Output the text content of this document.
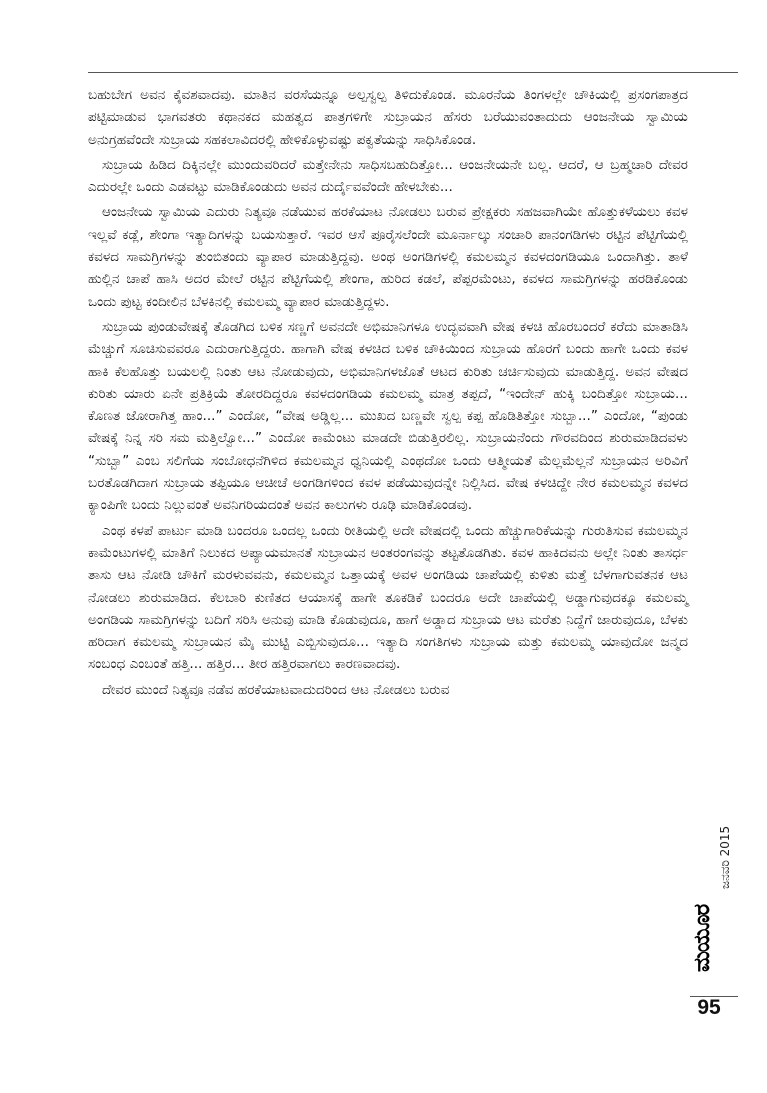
ಬಹುಬೇಗ ಅವನ ಕೈವಶವಾದವು. ಮಾತಿನ ವರಸೆಯನ್ನೂ ಅಲ್ಪಸ್ವಲ್ಪ ತಿಳಿದುಕೊಂಡ. ಮೂರನೆಯ ತಿಂಗಳಲ್ಲೇ ಚೌಕಿಯಲ್ಲಿ ಪ್ರಸಂಗಪಾತ್ರದ ಪಟ್ಟಿಮಾಡುವ ಭಾಗವತರು ಕಥಾನಕದ ಮಹತ್ವದ ಪಾತ್ರಗಳಿಗೇ ಸುಬ್ರಾಯನ ಹೆಸರು ಬರೆಯುವಂತಾದುದು ಆಂಜನೇಯ ಸ್ವಾಮಿಯ ಅನುಗ್ರಹವೆಂದೇ ಸುಬ್ರಾಯ ಸಹಕಲಾವಿದರಲ್ಲಿ ಹೇಳಿಕೊಳ್ಳುವಷ್ಟು ಪಕ್ವತೆಯನ್ನು ಸಾಧಿಸಿಕೊಂಡ.

ಸುಬ್ರಾಯ ಹಿಡಿದ ದಿಕ್ಕಿನಲ್ಲೇ ಮುಂದುವರಿದರೆ ಮತ್ತೇನೇನು ಸಾಧಿಸಬಹುದಿತ್ತೋ... ಆಂಜನೇಯನೇ ಬಲ್ಲ. ಆದರೆ, ಆ ಬ್ರಹ್ಮಚಾರಿ ದೇವರ ಎದುರಲ್ಲೇ ಒಂದು ಎಡವಟ್ಟು ಮಾಡಿಕೊಂಡುದು ಅವನ ದುರ್ದೈವವೆಂದೇ ಹೇಳಬೇಕು...

ಆಂಜನೇಯ ಸ್ವಾಮಿಯ ಎದುರು ನಿತ್ಯವೂ ನಡೆಯುವ ಹರಕೆಯಾಟ ನೋಡಲು ಬರುವ ಪ್ರೇಕ್ಷಕರು ಸಹಜವಾಗಿಯೇ ಹೊತ್ತುಕಳೆಯಲು ಕವಳ ಇಲ್ಲವೆ ಕಡ್ಲೆ, ಶೇಂಗಾ ಇತ್ಯಾದಿಗಳನ್ನು ಬಯಸುತ್ತಾರೆ. ಇವರ ಆಸೆ ಪೂರೈಸಲೆಂದೇ ಮೂರ್ನಾಲ್ಕು ಸಂಚಾರಿ ಪಾನಂಗಡಿಗಳು ರಟ್ಟಿನ ಪೆಟ್ಟಿಗೆಯಲ್ಲಿ ಕವಳದ ಸಾಮಗ್ರಿಗಳನ್ನು ತುಂಬಿತಂದು ವ್ಯಾಪಾರ ಮಾಡುತ್ತಿದ್ದವು. ಅಂಥ ಅಂಗಡಿಗಳಲ್ಲಿ ಕಮಲಮ್ಮನ ಕವಳದಂಗಡಿಯೂ ಒಂದಾಗಿತ್ತು. ತಾಳೆ ಹುಲ್ಲಿನ ಚಾಪೆ ಹಾಸಿ ಅದರ ಮೇಲೆ ರಟ್ಟಿನ ಪೆಟ್ಟಿಗೆಯಲ್ಲಿ ಶೇಂಗಾ, ಹುರಿದ ಕಡಲೆ, ಪೆಪ್ಪರಮೆಂಟು, ಕವಳದ ಸಾಮಗ್ರಿಗಳನ್ನು ಹರಡಿಕೊಂಡು ಒಂದು ಪುಟ್ಟ ಕಂದೀಲಿನ ಬೆಳಕಿನಲ್ಲಿ ಕಮಲಮ್ಮ ವ್ಯಾಪಾರ ಮಾಡುತ್ತಿದ್ದಳು.

ಸುಬ್ರಾಯ ಪುಂಡುವೇಷಕ್ಕೆ ತೊಡಗಿದ ಬಳಿಕ ಸಣ್ಣಗೆ ಅವನದೇ ಅಭಿಮಾನಿಗಳೂ ಉದ್ಭವವಾಗಿ ವೇಷ ಕಳಚಿ ಹೊರಬಂದರೆ ಕರೆದು ಮಾತಾಡಿಸಿ ಮೆಚ್ಚುಗೆ ಸೂಚಿಸುವವರೂ ಎದುರಾಗುತ್ತಿದ್ದರು. ಹಾಗಾಗಿ ವೇಷ ಕಳಚಿದ ಬಳಿಕ ಚೌಕಿಯಿಂದ ಸುಬ್ರಾಯ ಹೊರಗೆ ಬಂದು ಹಾಗೇ ಒಂದು ಕವಳ ಹಾಕಿ ಕೆಲಹೊತ್ತು ಬಯಲಲ್ಲಿ ನಿಂತು ಆಟ ನೋಡುವುದು, ಅಭಿಮಾನಿಗಳಜೊತೆ ಆಟದ ಕುರಿತು ಚರ್ಚಿಸುವುದು ಮಾಡುತ್ತಿದ್ದ. ಅವನ ವೇಷದ ಕುರಿತು ಯಾರು ಏನೇ ಪ್ರತಿಕ್ರಿಯೆ ತೋರದಿದ್ದರೂ ಕವಳದಂಗಡಿಯ ಕಮಲಮ್ಮ ಮಾತ್ರ ತಪ್ಪದೆ, “ಇಂದೇನ್ ಹುಕ್ಕಿ ಬಂದಿತ್ತೋ ಸುಬ್ರಾಯ... ಕೊಣತ ಜೋರಾಗಿತ್ತ ಹಾಂ...” ಎಂದೋ, “ವೇಷ ಅಡ್ಡಿಲ್ಲ... ಮುಖದ ಬಣ್ಣವೇ ಸ್ವಲ್ಪ ಕಪ್ಪ ಹೊಡಿತಿತ್ತೋ ಸುಬ್ಬಾ...” ಎಂದೋ, “ಪುಂಡು ವೇಷಕ್ಕೆ ನಿನ್ನ ಸರಿ ಸಮ ಮತ್ತಿಲ್ವೋ...” ಎಂದೋ ಕಾಮೆಂಟು ಮಾಡದೇ ಬಿಡುತ್ತಿರಲಿಲ್ಲ. ಸುಬ್ರಾಯನೆಂದು ಗೌರವದಿಂದ ಶುರುಮಾಡಿದವಳು “ಸುಬ್ಬಾ” ಎಂಬ ಸಲಿಗೆಯ ಸಂಬೋಧನೆಗಿಳಿದ ಕಮಲಮ್ಮನ ಧ್ವನಿಯಲ್ಲಿ ಎಂಥದೋ ಒಂದು ಆತ್ಮೀಯತೆ ಮೆಲ್ಲಮೆಲ್ಲನೆ ಸುಬ್ರಾಯನ ಅರಿವಿಗೆ ಬರತೊಡಗಿದಾಗ ಸುಬ್ರಾಯ ತಪ್ಪಿಯೂ ಆಚೀಚೆ ಅಂಗಡಿಗಳಿಂದ ಕವಳ ಪಡೆಯುವುದನ್ನೇ ನಿಲ್ಲಿಸಿದ. ವೇಷ ಕಳಚಿದ್ದೇ ನೇರ ಕಮಲಮ್ಮನ ಕವಳದ ಕ್ಯಾಂಪಿಗೇ ಬಂದು ನಿಲ್ಲುವಂತೆ ಅವನಿಗರಿಯದಂತೆ ಅವನ ಕಾಲುಗಳು ರೂಢಿ ಮಾಡಿಕೊಂಡವು.

ಎಂಥ ಕಳಪೆ ಪಾರ್ಟು ಮಾಡಿ ಬಂದರೂ ಒಂದಲ್ಲ ಒಂದು ರೀತಿಯಲ್ಲಿ ಅದೇ ವೇಷದಲ್ಲಿ ಒಂದು ಹೆಚ್ಚುಗಾರಿಕೆಯನ್ನು ಗುರುತಿಸುವ ಕಮಲಮ್ಮನ ಕಾಮೆಂಟುಗಳಲ್ಲಿ ಮಾತಿಗೆ ನಿಲುಕದ ಅಪ್ಯಾಯಮಾನತೆ ಸುಬ್ರಾಯನ ಅಂತರಂಗವನ್ನು ತಟ್ಟತೊಡಗಿತು. ಕವಳ ಹಾಕಿದವನು ಅಲ್ಲೇ ನಿಂತು ತಾಸರ್ಧ ತಾಸು ಆಟ ನೋಡಿ ಚೌಕಿಗೆ ಮರಳುವವನು, ಕಮಲಮ್ಮನ ಒತ್ತಾಯಕ್ಕೆ ಅವಳ ಅಂಗಡಿಯ ಚಾಪೆಯಲ್ಲಿ ಕುಳಿತು ಮತ್ತೆ ಬೆಳಗಾಗುವತನಕ ಆಟ ನೋಡಲು ಶುರುಮಾಡಿದ. ಕೆಲಬಾರಿ ಕುಣಿತದ ಆಯಾಸಕ್ಕೆ ಹಾಗೇ ತೂಕಡಿಕೆ ಬಂದರೂ ಅದೇ ಚಾಪೆಯಲ್ಲಿ ಅಡ್ಡಾಗುವುದಕ್ಕೂ ಕಮಲಮ್ಮ ಅಂಗಡಿಯ ಸಾಮಗ್ರಿಗಳನ್ನು ಬದಿಗೆ ಸರಿಸಿ ಅನುವು ಮಾಡಿ ಕೊಡುವುದೂ, ಹಾಗೆ ಅಡ್ಡಾದ ಸುಬ್ರಾಯ ಆಟ ಮರೆತು ನಿದ್ದೆಗೆ ಜಾರುವುದೂ, ಬೆಳಕು ಹರಿದಾಗ ಕಮಲಮ್ಮ ಸುಬ್ರಾಯನ ಮೈ ಮುಟ್ಟಿ ಎಬ್ಬಿಸುವುದೂ... ಇತ್ಯಾದಿ ಸಂಗತಿಗಳು ಸುಬ್ರಾಯ ಮತ್ತು ಕಮಲಮ್ಮ ಯಾವುದೋ ಜನ್ಮದ ಸಂಬಂಧ ಎಂಬಂತೆ ಹತ್ತಿ... ಹತ್ತಿರ... ತೀರ ಹತ್ತಿರವಾಗಲು ಕಾರಣವಾದವು.

ದೇವರ ಮುಂದೆ ನಿತ್ಯವೂ ನಡೆವ ಹರಕೆಯಾಟವಾದುದರಿಂದ ಆಟ ನೋಡಲು ಬರುವ

ಜನವರಿ 2015
ಮಯೂರ
95
